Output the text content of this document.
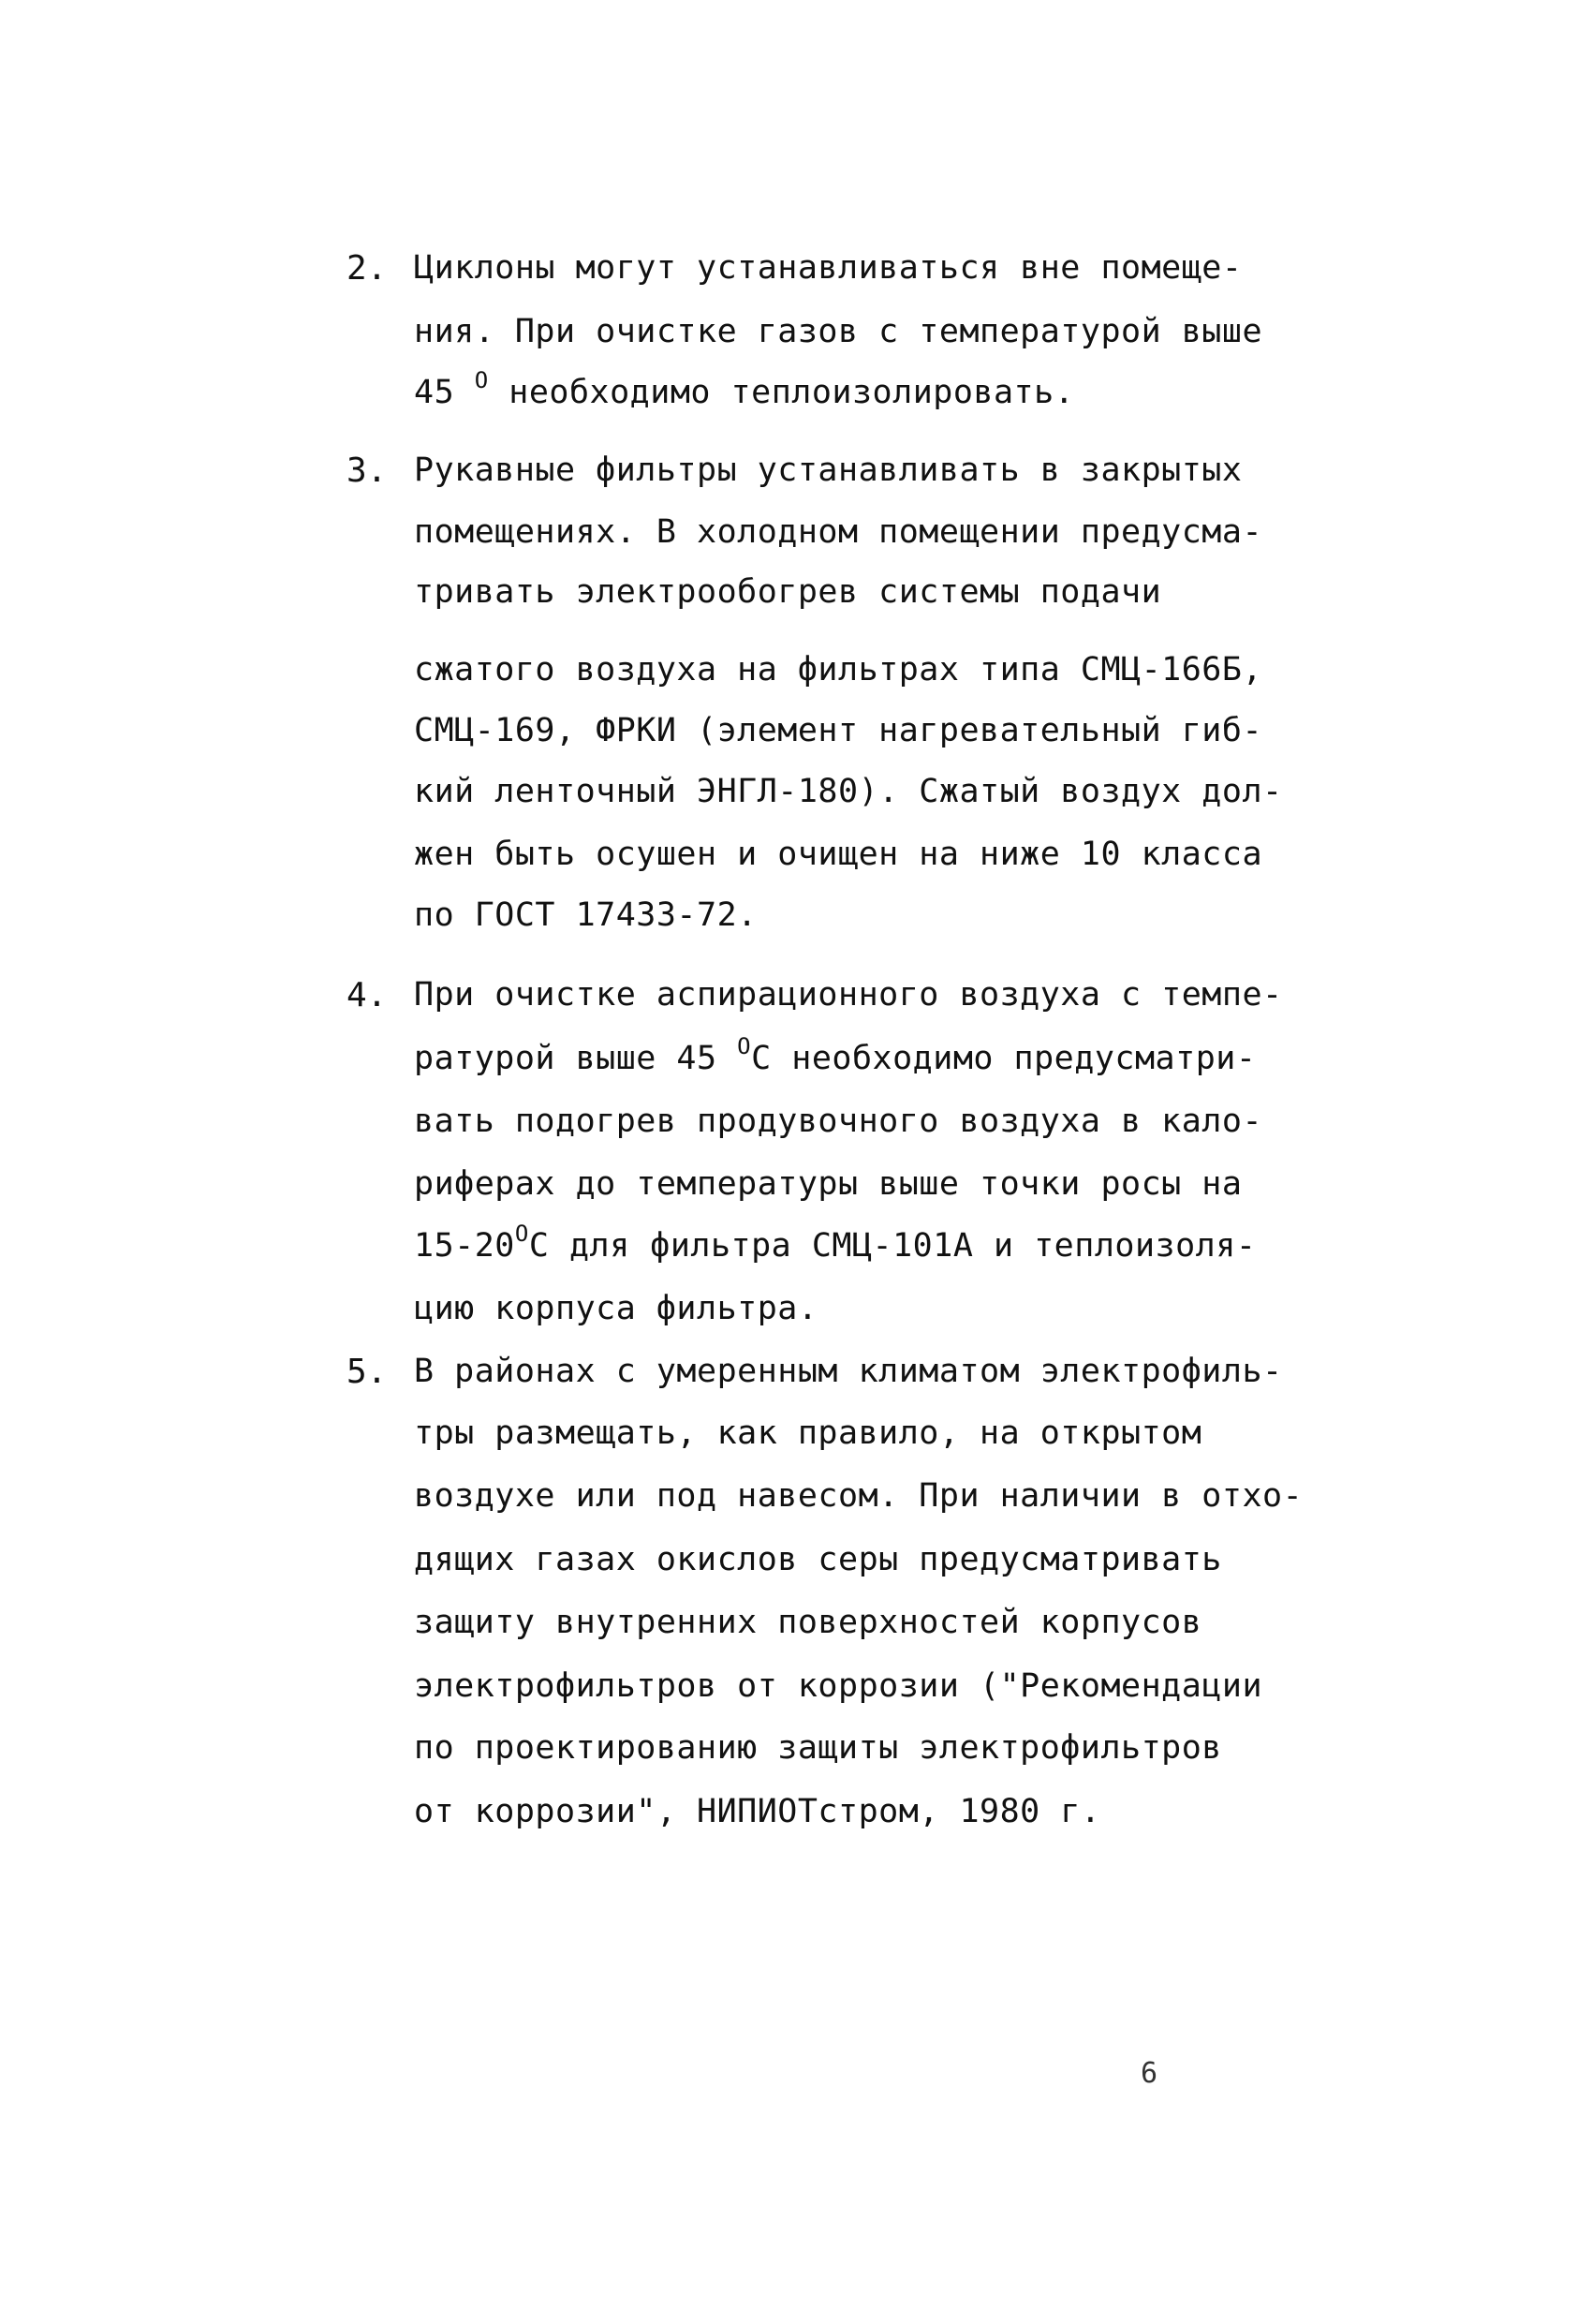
2. Циклоны могут устанавливаться вне помеще-
ния. При очистке газов с температурой выше
45 $^О$ необходимо теплоизолировать.
3. Рукавные фильтры устанавливать в закрытых
помещениях. В холодном помещении предусма-
тривать электрообогрев системы подачи
сжатого воздуха на фильтрах типа СМЦ-166Б,
СМЦ-169, ФРКИ (элемент нагревательный гиб-
кий ленточный ЭНГЛ-180). Сжатый воздух дол-
жен быть осушен и очищен на ниже 10 класса
по ГОСТ 17433-72.
4. При очистке аспирационного воздуха с темпе-
ратурой выше 45 $^О$С необходимо предусматри-
вать подогрев продувочного воздуха в кало-
риферах до температуры выше точки росы на
$15-20^ОС$ для фильтра СМЦ-101А и теплоизоля-
цию корпуса фильтра.
5. В районах с умеренным климатом электрофиль-
тры размещать, как правило, на открытом
воздухе или под навесом. При наличии в отхо-
дящих газах окислов серы предусматривать
защиту внутренних поверхностей корпусов
электрофильтров от коррозии ("Рекомендации
по проектированию защиты электрофильтров
от коррозии", НИПИОТстром, 1980 г.
6
